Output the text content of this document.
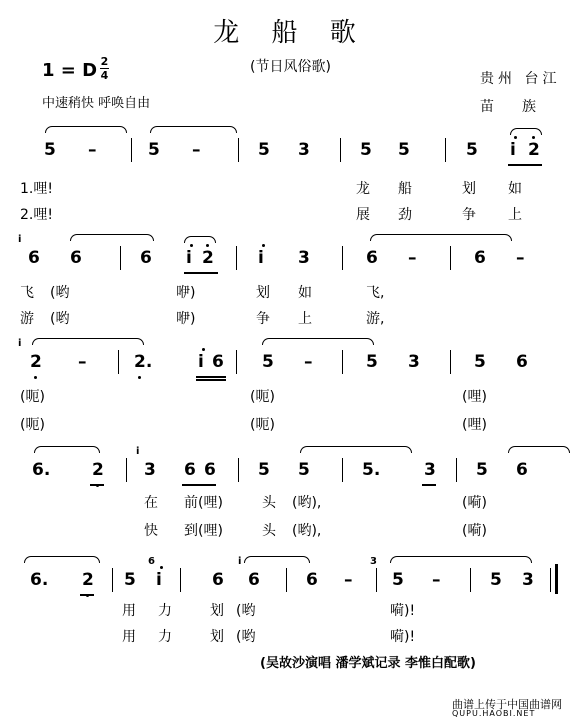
龙 船 歌
(节日风俗歌)
1 = D 2
4
中速稍快 呼唤自由
贵州 台江
苗族
5 –	5 –	5 3	5 5	5 i 2
1.哩!	龙 船	划 如
2.哩!	展 劲	争 上
i
6 6	6 i 2	i 3	6 –	6 –
飞 (哟	咿)	划 如	飞,
游 (哟	咿)	争 上	游,
i
2 –	2.	i 6 5 –	5 3	5 6
(呃)	(呃)	(哩)
(呃)	(呃)	(哩)
i
6. 2 3 6 6 5 5	5.	3 5 6
在 前(哩)	头 (哟),	(嗬)
快 到(哩)	头 (哟),	(嗬)
6	i	3
6. 2 5 i	6 6	6 – 5 –	5 3
用 力	划 (哟	嗬)!
用 力	划 (哟	嗬)!
(吴故沙演唱 潘学斌记录 李惟白配歌)
曲谱上传于中国曲谱网
QUPU.HAOBI.NET
